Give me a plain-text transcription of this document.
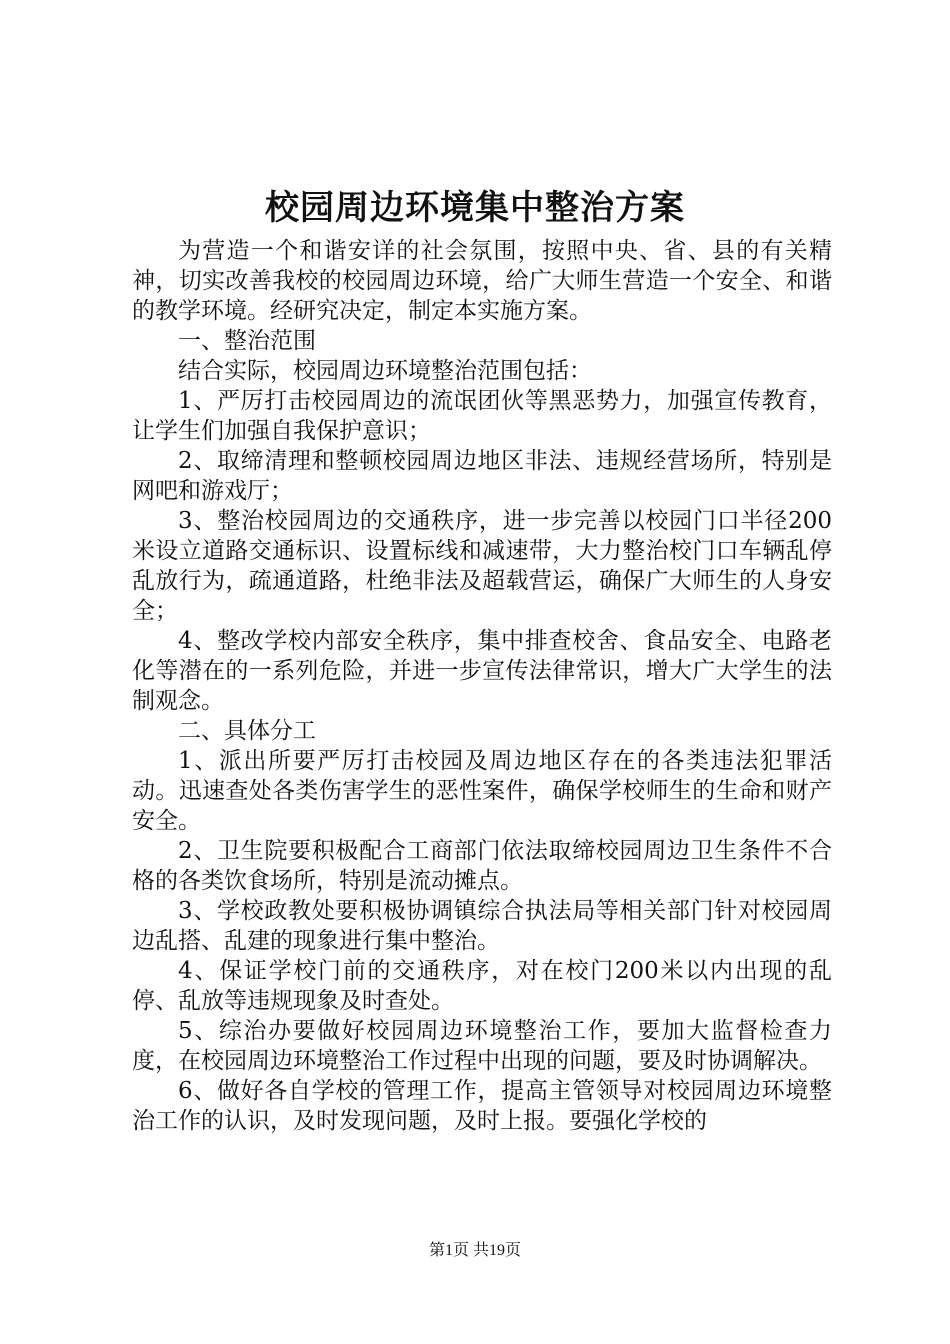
校园周边环境集中整治方案

为营造一个和谐安详的社会氛围，按照中央、省、县的有关精神，切实改善我校的校园周边环境，给广大师生营造一个安全、和谐的教学环境。经研究决定，制定本实施方案。

一、整治范围

结合实际，校园周边环境整治范围包括：

1、严厉打击校园周边的流氓团伙等黑恶势力，加强宣传教育，让学生们加强自我保护意识；

2、取缔清理和整顿校园周边地区非法、违规经营场所，特别是网吧和游戏厅；

3、整治校园周边的交通秩序，进一步完善以校园门口半径200米设立道路交通标识、设置标线和减速带，大力整治校门口车辆乱停乱放行为，疏通道路，杜绝非法及超载营运，确保广大师生的人身安全；

4、整改学校内部安全秩序，集中排查校舍、食品安全、电路老化等潜在的一系列危险，并进一步宣传法律常识，增大广大学生的法制观念。

二、具体分工

1、派出所要严厉打击校园及周边地区存在的各类违法犯罪活动。迅速查处各类伤害学生的恶性案件，确保学校师生的生命和财产安全。

2、卫生院要积极配合工商部门依法取缔校园周边卫生条件不合格的各类饮食场所，特别是流动摊点。

3、学校政教处要积极协调镇综合执法局等相关部门针对校园周边乱搭、乱建的现象进行集中整治。

4、保证学校门前的交通秩序，对在校门200米以内出现的乱停、乱放等违规现象及时查处。

5、综治办要做好校园周边环境整治工作，要加大监督检查力度，在校园周边环境整治工作过程中出现的问题，要及时协调解决。

6、做好各自学校的管理工作，提高主管领导对校园周边环境整治工作的认识，及时发现问题，及时上报。要强化学校的

第1页 共19页
